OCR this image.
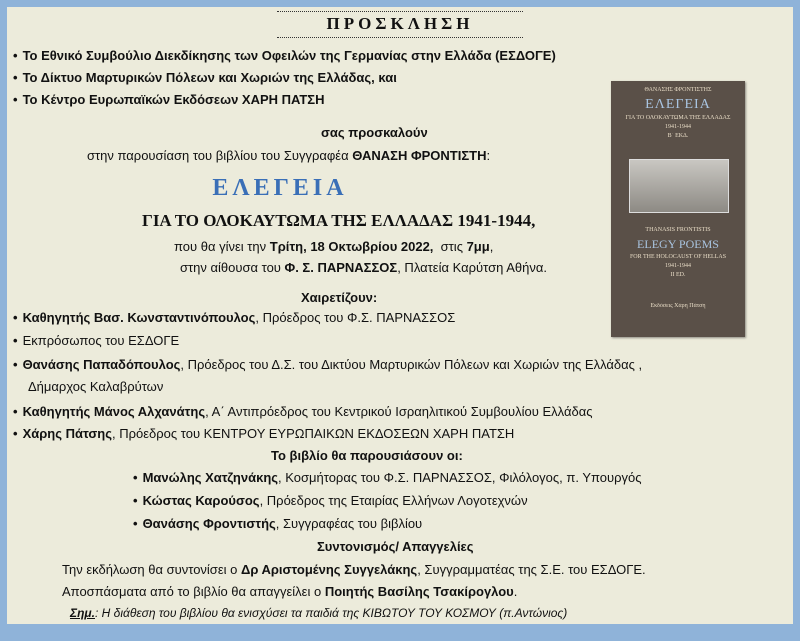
ΠΡΟΣΚΛΗΣΗ
• Το Εθνικό Συμβούλιο Διεκδίκησης των Οφειλών της Γερμανίας στην Ελλάδα (ΕΣΔΟΓΕ)
• Το Δίκτυο Μαρτυρικών Πόλεων και Χωριών της Ελλάδας, και
• Το Κέντρο Ευρωπαϊκών Εκδόσεων ΧΑΡΗ ΠΑΤΣΗ
σας προσκαλούν
στην παρουσίαση του βιβλίου του Συγγραφέα ΘΑΝΑΣΗ ΦΡΟΝΤΙΣΤΗ:
ΕΛΕΓΕΙΑ
ΓΙΑ ΤΟ ΟΛΟΚΑΥΤΩΜΑ ΤΗΣ ΕΛΛΑΔΑΣ 1941-1944,
που θα γίνει την Τρίτη, 18 Οκτωβρίου 2022,  στις 7μμ,
στην αίθουσα του Φ. Σ. ΠΑΡΝΑΣΣΟΣ, Πλατεία Καρύτση Αθήνα.
ΘΑΝΑΣΗΣ ΦΡΟΝΤΙΣΤΗΣ
ΕΛΕΓΕΙΑ
ΓΙΑ ΤΟ ΟΛΟΚΑΥΤΩΜΑ ΤΗΣ ΕΛΛΑΔΑΣ
1941-1944
Β΄ ΕΚΔ.
THANASIS FRONTISTIS
ELEGY POEMS
FOR THE HOLOCAUST OF HELLAS
1941-1944
II ED.
Εκδόσεις Χάρη Πάτση
Χαιρετίζουν:
• Καθηγητής Βασ. Κωνσταντινόπουλος, Πρόεδρος του Φ.Σ. ΠΑΡΝΑΣΣΟΣ
• Εκπρόσωπος του ΕΣΔΟΓΕ
• Θανάσης Παπαδόπουλος, Πρόεδρος του Δ.Σ. του Δικτύου Μαρτυρικών Πόλεων και Χωριών της Ελλάδας ,
Δήμαρχος Καλαβρύτων
• Καθηγητής Μάνος Αλχανάτης, Α΄ Αντιπρόεδρος του Κεντρικού Ισραηλιτικού Συμβουλίου Ελλάδας
• Χάρης Πάτσης, Πρόεδρος του ΚΕΝΤΡΟΥ ΕΥΡΩΠΑΙΚΩΝ ΕΚΔΟΣΕΩΝ ΧΑΡΗ ΠΑΤΣΗ
Το βιβλίο θα παρουσιάσουν οι:
• Μανώλης Χατζηνάκης, Κοσμήτορας του Φ.Σ. ΠΑΡΝΑΣΣΟΣ, Φιλόλογος, π. Υπουργός
• Κώστας Καρούσος, Πρόεδρος της Εταιρίας Ελλήνων Λογοτεχνών
• Θανάσης Φροντιστής, Συγγραφέας του βιβλίου
Συντονισμός/ Απαγγελίες
Την εκδήλωση θα συντονίσει ο Δρ Αριστομένης Συγγελάκης, Συγγραμματέας της Σ.Ε. του ΕΣΔΟΓΕ.
Αποσπάσματα από το βιβλίο θα απαγγείλει ο Ποιητής Βασίλης Τσακίρογλου.
Σημ.: Η διάθεση του βιβλίου θα ενισχύσει τα παιδιά της ΚΙΒΩΤΟΥ ΤΟΥ ΚΟΣΜΟΥ (π.Αντώνιος)
